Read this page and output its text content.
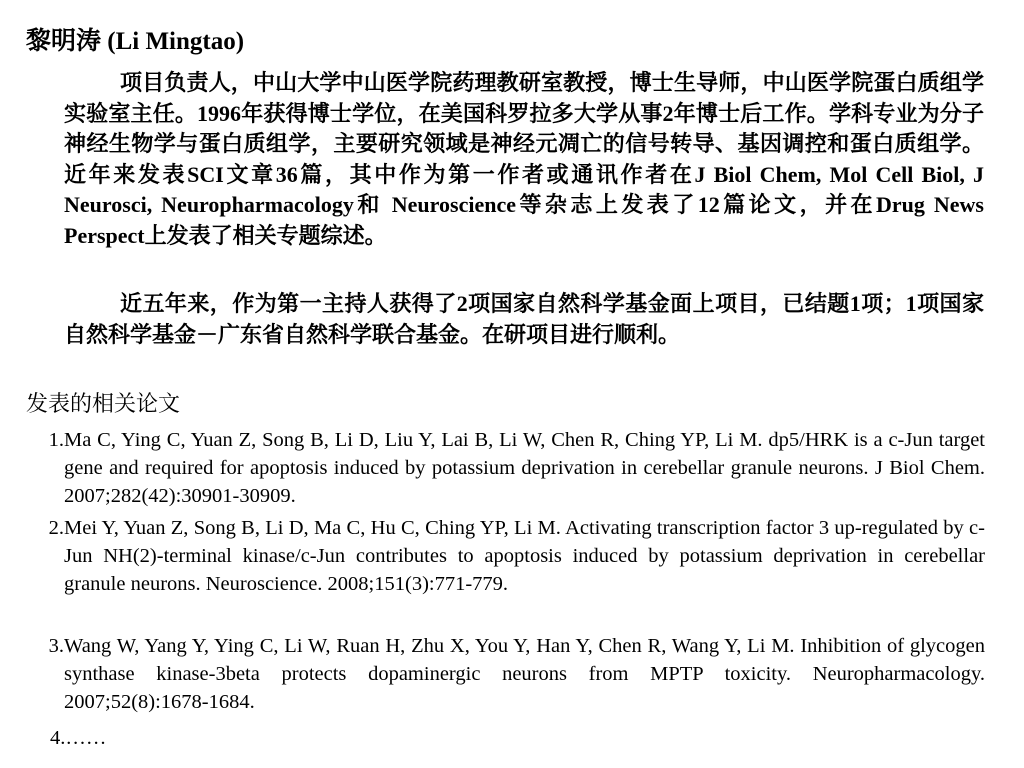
黎明涛 (Li Mingtao)

项目负责人，中山大学中山医学院药理教研室教授，博士生导师，中山医学院蛋白质组学实验室主任。1996年获得博士学位，在美国科罗拉多大学从事2年博士后工作。学科专业为分子神经生物学与蛋白质组学，主要研究领域是神经元凋亡的信号转导、基因调控和蛋白质组学。近年来发表SCI文章36篇，其中作为第一作者或通讯作者在J Biol Chem, Mol Cell Biol, J Neurosci, Neuropharmacology和 Neuroscience等杂志上发表了12篇论文，并在Drug News Perspect上发表了相关专题综述。

近五年来，作为第一主持人获得了2项国家自然科学基金面上项目，已结题1项；1项国家自然科学基金－广东省自然科学联合基金。在研项目进行顺利。

发表的相关论文

1. Ma C, Ying C, Yuan Z, Song B, Li D, Liu Y, Lai B, Li W, Chen R, Ching YP, Li M. dp5/HRK is a c-Jun target gene and required for apoptosis induced by potassium deprivation in cerebellar granule neurons. J Biol Chem. 2007;282(42):30901-30909.

2. Mei Y, Yuan Z, Song B, Li D, Ma C, Hu C, Ching YP, Li M. Activating transcription factor 3 up-regulated by c-Jun NH(2)-terminal kinase/c-Jun contributes to apoptosis induced by potassium deprivation in cerebellar granule neurons. Neuroscience. 2008;151(3):771-779.

3. Wang W, Yang Y, Ying C, Li W, Ruan H, Zhu X, You Y, Han Y, Chen R, Wang Y, Li M. Inhibition of glycogen synthase kinase-3beta protects dopaminergic neurons from MPTP toxicity. Neuropharmacology. 2007;52(8):1678-1684.

4.……
